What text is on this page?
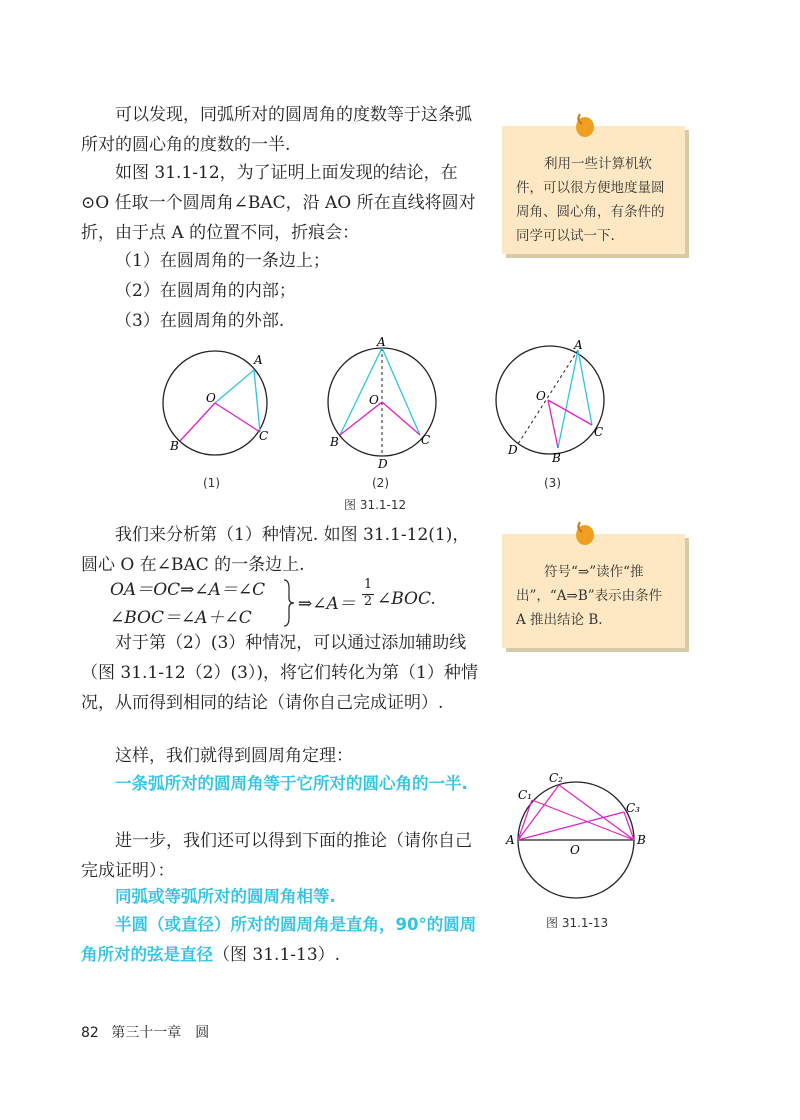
可以发现，同弧所对的圆周角的度数等于这条弧所对的圆心角的度数的一半.
如图 31.1-12，为了证明上面发现的结论，在⊙O 任取一个圆周角∠BAC，沿 AO 所在直线将圆对折，由于点 A 的位置不同，折痕会：
（1）在圆周角的一条边上；
（2）在圆周角的内部；
（3）在圆周角的外部.
利用一些计算机软件，可以很方便地度量圆周角、圆心角，有条件的同学可以试一下.
A
O
B
C
A
O
B	C
D
A
O
B
C
D
(1)	(2)	(3)
图 31.1-12
我们来分析第（1）种情况. 如图 31.1-12(1)，圆心 O 在∠BAC 的一条边上.
OA＝OC⇒∠A＝∠C
∠BOC＝∠A＋∠C
⇒∠A＝ $\frac{1}{2}$ ∠BOC.
符号“⇒”读作“推出”，“A⇒B”表示由条件 A 推出结论 B.
对于第（2）(3）种情况，可以通过添加辅助线（图 31.1-12（2）(3）)，将它们转化为第（1）种情况，从而得到相同的结论（请你自己完成证明）.
这样，我们就得到圆周角定理：
一条弧所对的圆周角等于它所对的圆心角的一半.
进一步，我们还可以得到下面的推论（请你自己完成证明）：
同弧或等弧所对的圆周角相等.
半圆（或直径）所对的圆周角是直角，90°的圆周角所对的弦是直径（图 31.1-13）.
A	B
O
C₁
C₂
C₃
图 31.1-13
82 第三十一章　圆
